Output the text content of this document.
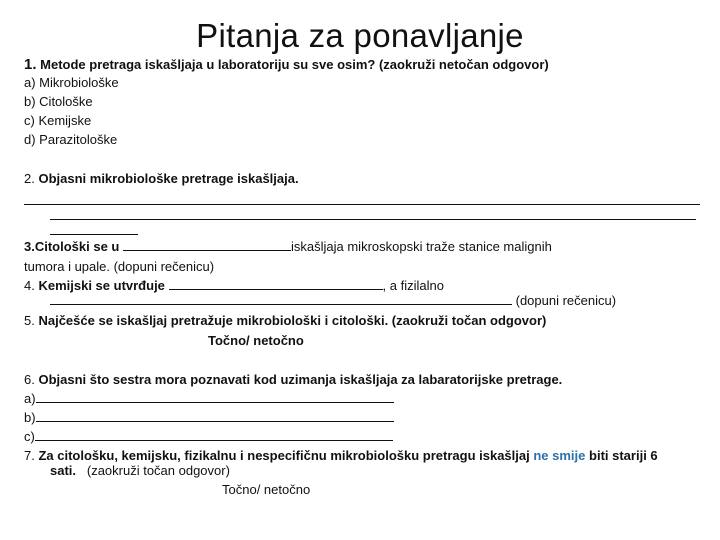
Pitanja za ponavljanje
1. Metode pretraga iskašljaja u laboratoriju su sve osim? (zaokruži netočan odgovor)
a) Mikrobiološke
b) Citološke
c) Kemijske
d) Parazitološke
2. Objasni mikrobiološke pretrage iskašljaja.
3.Citološki se u	iskašljaja mikroskopski traže stanice malignih
tumora i upale. (dopuni rečenicu)
4. Kemijski se utvrđuje	, a fizilalno
(dopuni rečenicu)
5. Najčešće se iskašljaj pretražuje mikrobiološki i citološki. (zaokruži točan odgovor)
Točno/ netočno
6. Objasni što sestra mora poznavati kod uzimanja iskašljaja za labaratorijske pretrage.
a)
b)
c)
7. Za citološku, kemijsku, fizikalnu i nespecifičnu mikrobiološku pretragu iskašljaj ne smije biti stariji 6
sati. (zaokruži točan odgovor)
Točno/ netočno
